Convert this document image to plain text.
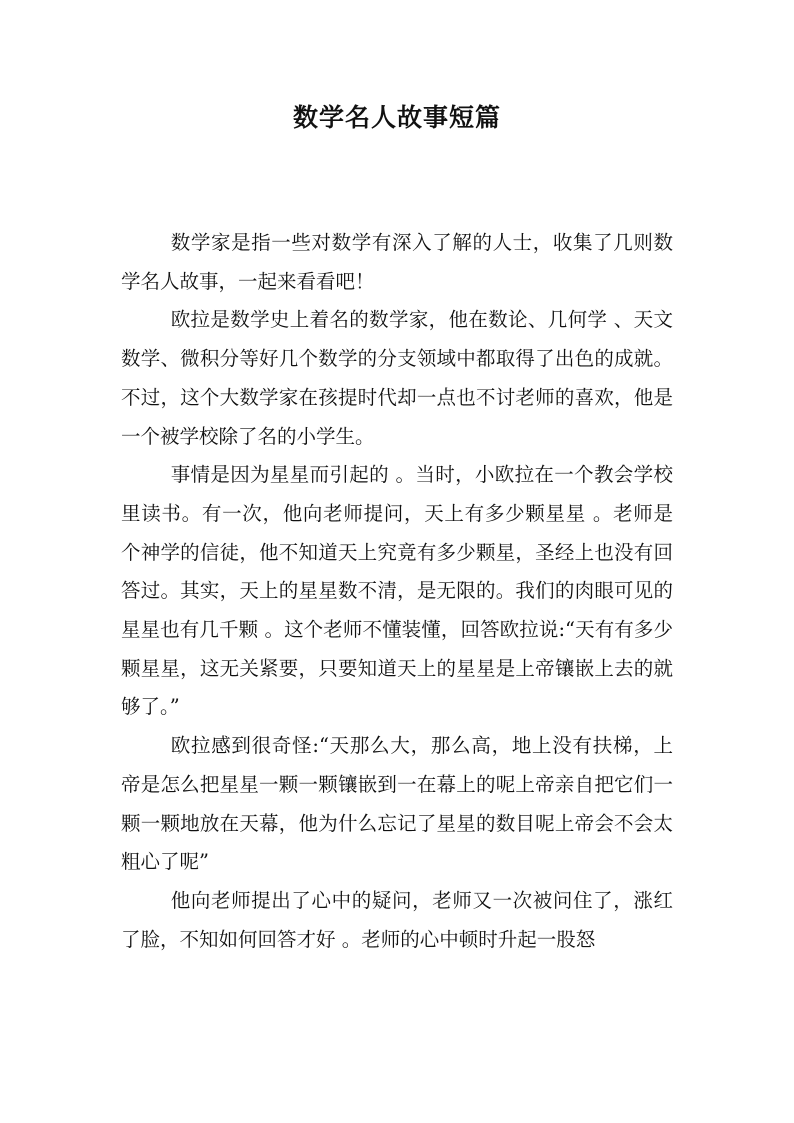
数学名人故事短篇

数学家是指一些对数学有深入了解的人士，收集了几则数学名人故事，一起来看看吧！

欧拉是数学史上着名的数学家，他在数论、几何学 、天文数学、微积分等好几个数学的分支领域中都取得了出色的成就。不过，这个大数学家在孩提时代却一点也不讨老师的喜欢，他是一个被学校除了名的小学生。

事情是因为星星而引起的 。当时，小欧拉在一个教会学校里读书。有一次，他向老师提问，天上有多少颗星星 。老师是个神学的信徒，他不知道天上究竟有多少颗星，圣经上也没有回答过。其实，天上的星星数不清，是无限的。我们的肉眼可见的星星也有几千颗 。这个老师不懂装懂，回答欧拉说:“天有有多少颗星星，这无关紧要，只要知道天上的星星是上帝镶嵌上去的就够了。”

欧拉感到很奇怪:“天那么大，那么高，地上没有扶梯，上帝是怎么把星星一颗一颗镶嵌到一在幕上的呢上帝亲自把它们一颗一颗地放在天幕，他为什么忘记了星星的数目呢上帝会不会太粗心了呢”

他向老师提出了心中的疑问，老师又一次被问住了，涨红了脸，不知如何回答才好 。老师的心中顿时升起一股怒
